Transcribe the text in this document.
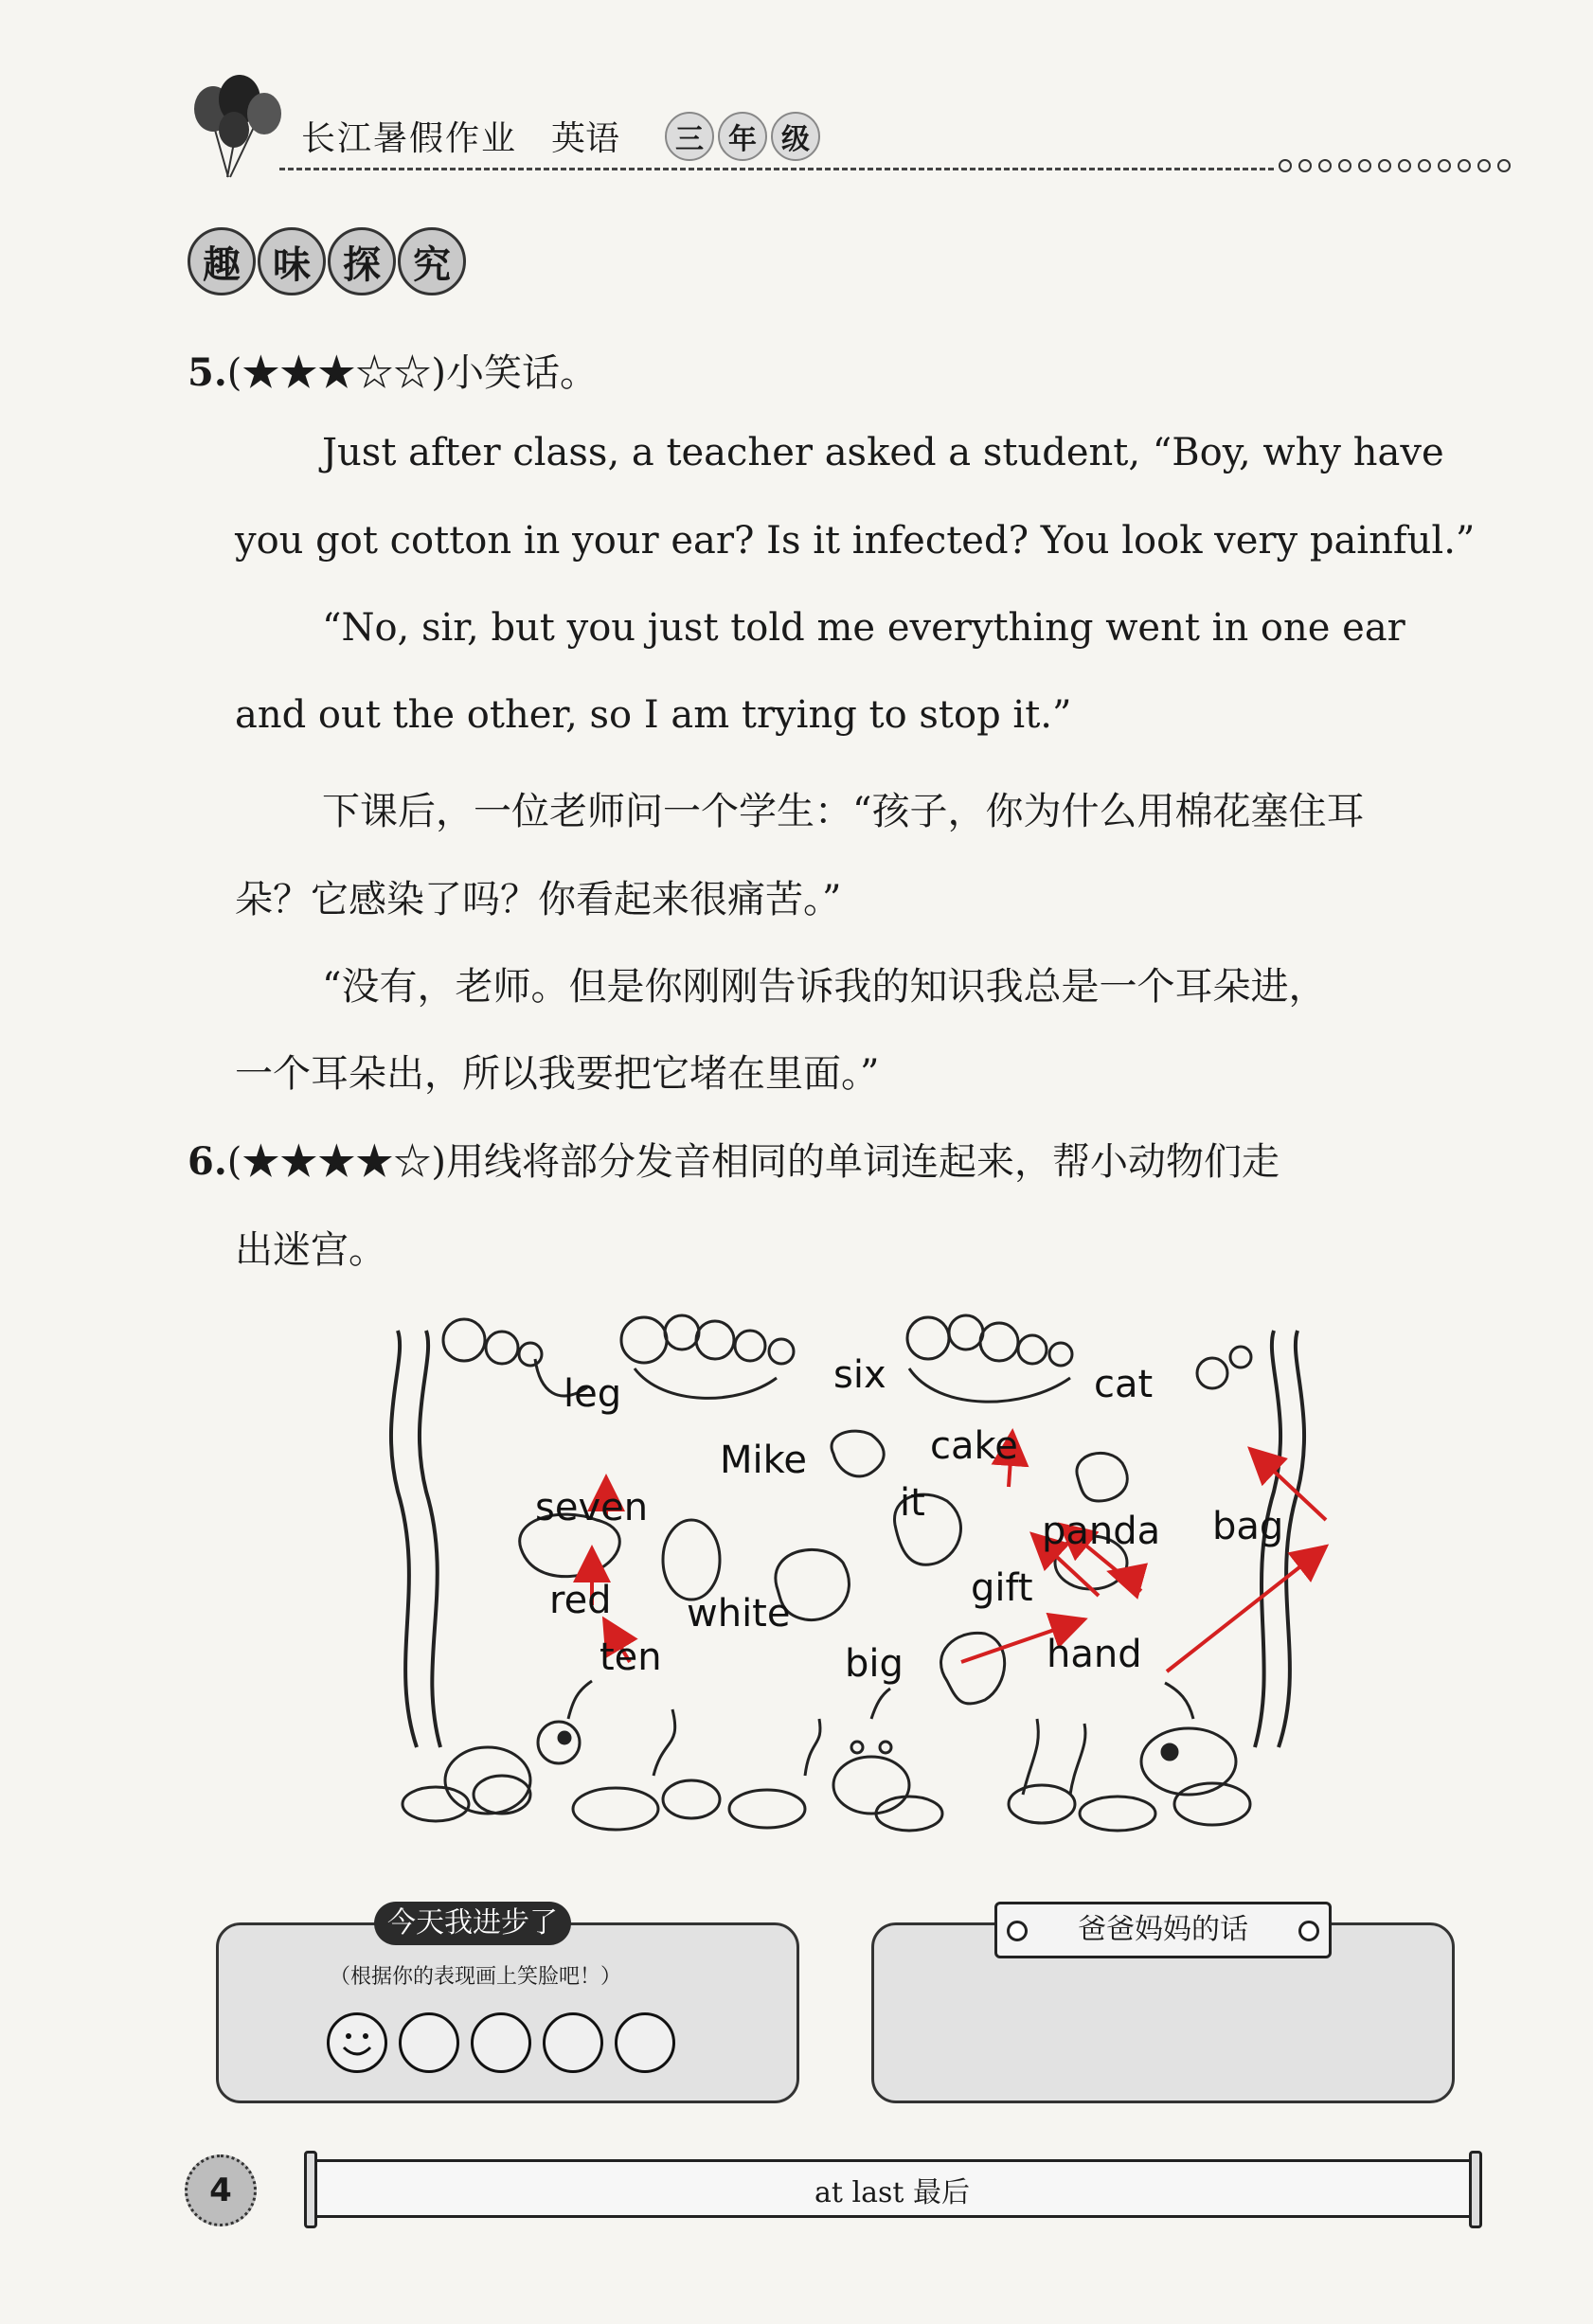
长江暑假作业 英语	三 年 级
趣 味 探 究
5.(★★★☆☆)小笑话。
Just after class, a teacher asked a student, “Boy, why have
you got cotton in your ear? Is it infected? You look very painful.”
“No, sir, but you just told me everything went in one ear
and out the other, so I am trying to stop it.”
下课后，一位老师问一个学生：“孩子，你为什么用棉花塞住耳
朵？它感染了吗？你看起来很痛苦。”
“没有，老师。但是你刚刚告诉我的知识我总是一个耳朵进，
一个耳朵出，所以我要把它堵在里面。”
6.(★★★★☆)用线将部分发音相同的单词连起来，帮小动物们走
出迷宫。
leg	six	cat
Mike	cake
it
seven
panda bag
red white
gift
ten	big	hand
今天我进步了
（根据你的表现画上笑脸吧！）
爸爸妈妈的话
4	at last 最后
